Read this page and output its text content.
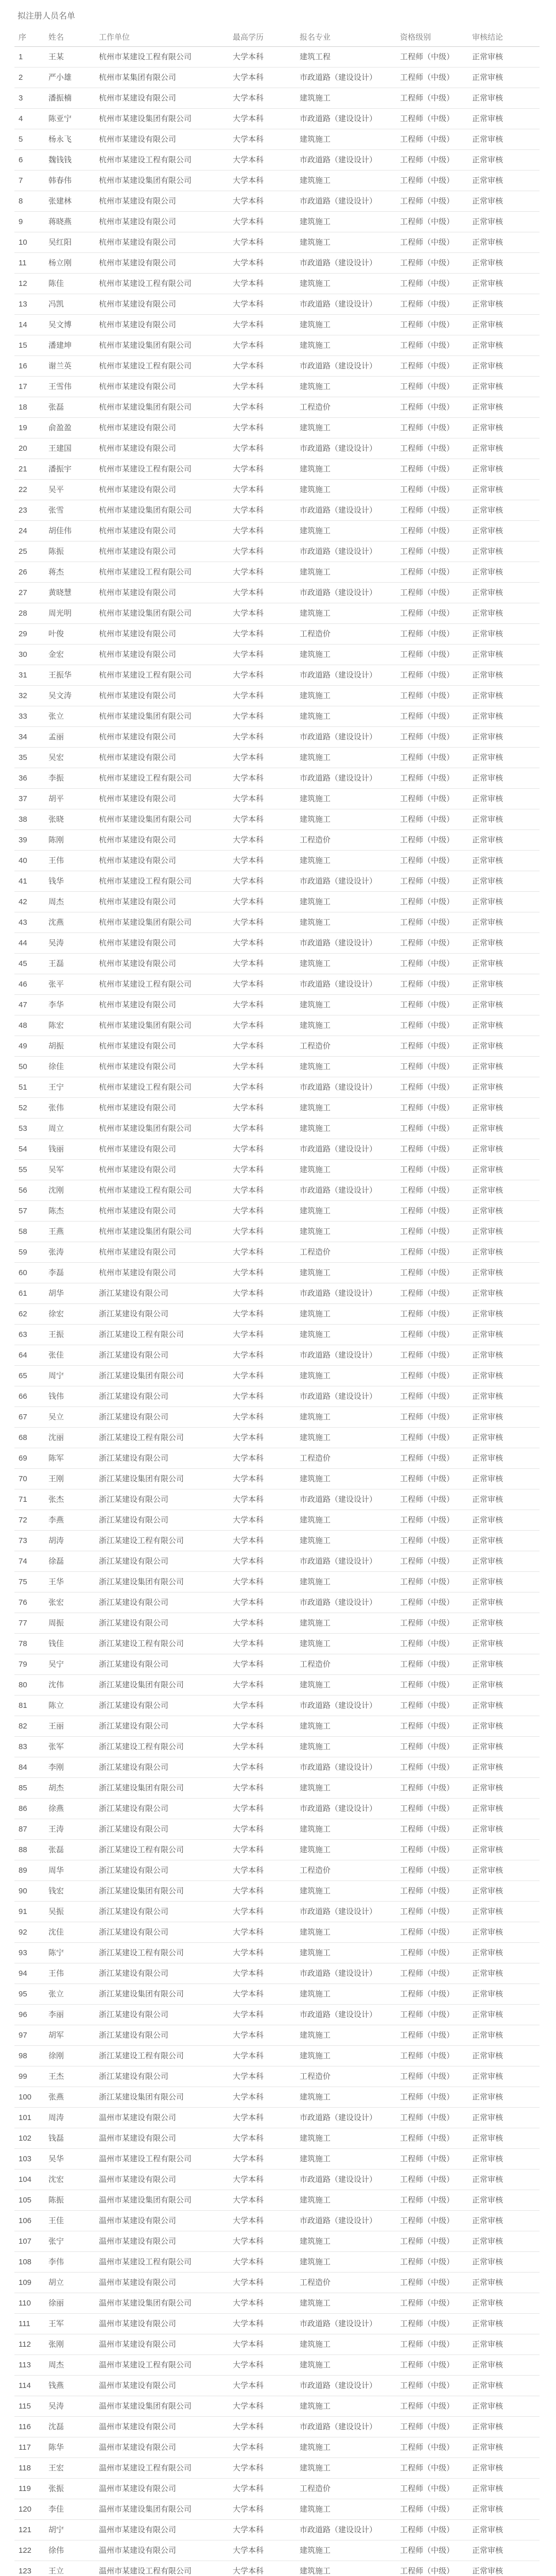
拟注册人员名单
序	姓名	工作单位	最高学历	报名专业	资格级别	审核结论
1	王某	杭州市某建设工程有限公司	大学本科	建筑工程	工程师（中级）	正常审核
2	严小雄	杭州市某集团有限公司	大学本科	市政道路（建设设计）	工程师（中级）	正常审核
3	潘振楠	杭州市某建设有限公司	大学本科	建筑施工	工程师（中级）	正常审核
4	陈亚宁	杭州市某建设集团有限公司	大学本科	市政道路（建设设计）	工程师（中级）	正常审核
5	杨永飞	杭州市某建设有限公司	大学本科	建筑施工	工程师（中级）	正常审核
6	魏钱钱	杭州市某建设工程有限公司	大学本科	市政道路（建设设计）	工程师（中级）	正常审核
7	韩春伟	杭州市某建设集团有限公司	大学本科	建筑施工	工程师（中级）	正常审核
8	张建林	杭州市某建设有限公司	大学本科	市政道路（建设设计）	工程师（中级）	正常审核
9	蒋晓燕	杭州市某建设有限公司	大学本科	建筑施工	工程师（中级）	正常审核
10	吴红阳	杭州市某建设有限公司	大学本科	建筑施工	工程师（中级）	正常审核
11	杨立刚	杭州市某建设有限公司	大学本科	市政道路（建设设计）	工程师（中级）	正常审核
12	陈佳	杭州市某建设工程有限公司	大学本科	建筑施工	工程师（中级）	正常审核
13	冯凯	杭州市某建设有限公司	大学本科	市政道路（建设设计）	工程师（中级）	正常审核
14	吴文博	杭州市某建设有限公司	大学本科	建筑施工	工程师（中级）	正常审核
15	潘建坤	杭州市某建设集团有限公司	大学本科	建筑施工	工程师（中级）	正常审核
16	谢兰英	杭州市某建设工程有限公司	大学本科	市政道路（建设设计）	工程师（中级）	正常审核
17	王雪伟	杭州市某建设有限公司	大学本科	建筑施工	工程师（中级）	正常审核
18	张磊	杭州市某建设集团有限公司	大学本科	工程造价	工程师（中级）	正常审核
19	俞盈盈	杭州市某建设有限公司	大学本科	建筑施工	工程师（中级）	正常审核
20	王建国	杭州市某建设有限公司	大学本科	市政道路（建设设计）	工程师（中级）	正常审核
21	潘振宇	杭州市某建设工程有限公司	大学本科	建筑施工	工程师（中级）	正常审核
22	吴平	杭州市某建设有限公司	大学本科	建筑施工	工程师（中级）	正常审核
23	张雪	杭州市某建设集团有限公司	大学本科	市政道路（建设设计）	工程师（中级）	正常审核
24	胡佳伟	杭州市某建设有限公司	大学本科	建筑施工	工程师（中级）	正常审核
25	陈振	杭州市某建设有限公司	大学本科	市政道路（建设设计）	工程师（中级）	正常审核
26	蒋杰	杭州市某建设工程有限公司	大学本科	建筑施工	工程师（中级）	正常审核
27	黄晓慧	杭州市某建设有限公司	大学本科	市政道路（建设设计）	工程师（中级）	正常审核
28	周光明	杭州市某建设集团有限公司	大学本科	建筑施工	工程师（中级）	正常审核
29	叶俊	杭州市某建设有限公司	大学本科	工程造价	工程师（中级）	正常审核
30	金宏	杭州市某建设有限公司	大学本科	建筑施工	工程师（中级）	正常审核
31	王振华	杭州市某建设工程有限公司	大学本科	市政道路（建设设计）	工程师（中级）	正常审核
32	吴文涛	杭州市某建设有限公司	大学本科	建筑施工	工程师（中级）	正常审核
33	张立	杭州市某建设集团有限公司	大学本科	建筑施工	工程师（中级）	正常审核
34	孟丽	杭州市某建设有限公司	大学本科	市政道路（建设设计）	工程师（中级）	正常审核
35	吴宏	杭州市某建设有限公司	大学本科	建筑施工	工程师（中级）	正常审核
36	李振	杭州市某建设工程有限公司	大学本科	市政道路（建设设计）	工程师（中级）	正常审核
37	胡平	杭州市某建设有限公司	大学本科	建筑施工	工程师（中级）	正常审核
38	张晓	杭州市某建设集团有限公司	大学本科	建筑施工	工程师（中级）	正常审核
39	陈刚	杭州市某建设有限公司	大学本科	工程造价	工程师（中级）	正常审核
40	王伟	杭州市某建设有限公司	大学本科	建筑施工	工程师（中级）	正常审核
41	钱华	杭州市某建设工程有限公司	大学本科	市政道路（建设设计）	工程师（中级）	正常审核
42	周杰	杭州市某建设有限公司	大学本科	建筑施工	工程师（中级）	正常审核
43	沈燕	杭州市某建设集团有限公司	大学本科	建筑施工	工程师（中级）	正常审核
44	吴涛	杭州市某建设有限公司	大学本科	市政道路（建设设计）	工程师（中级）	正常审核
45	王磊	杭州市某建设有限公司	大学本科	建筑施工	工程师（中级）	正常审核
46	张平	杭州市某建设工程有限公司	大学本科	市政道路（建设设计）	工程师（中级）	正常审核
47	李华	杭州市某建设有限公司	大学本科	建筑施工	工程师（中级）	正常审核
48	陈宏	杭州市某建设集团有限公司	大学本科	建筑施工	工程师（中级）	正常审核
49	胡振	杭州市某建设有限公司	大学本科	工程造价	工程师（中级）	正常审核
50	徐佳	杭州市某建设有限公司	大学本科	建筑施工	工程师（中级）	正常审核
51	王宁	杭州市某建设工程有限公司	大学本科	市政道路（建设设计）	工程师（中级）	正常审核
52	张伟	杭州市某建设有限公司	大学本科	建筑施工	工程师（中级）	正常审核
53	周立	杭州市某建设集团有限公司	大学本科	建筑施工	工程师（中级）	正常审核
54	钱丽	杭州市某建设有限公司	大学本科	市政道路（建设设计）	工程师（中级）	正常审核
55	吴军	杭州市某建设有限公司	大学本科	建筑施工	工程师（中级）	正常审核
56	沈刚	杭州市某建设工程有限公司	大学本科	市政道路（建设设计）	工程师（中级）	正常审核
57	陈杰	杭州市某建设有限公司	大学本科	建筑施工	工程师（中级）	正常审核
58	王燕	杭州市某建设集团有限公司	大学本科	建筑施工	工程师（中级）	正常审核
59	张涛	杭州市某建设有限公司	大学本科	工程造价	工程师（中级）	正常审核
60	李磊	杭州市某建设有限公司	大学本科	建筑施工	工程师（中级）	正常审核
61	胡华	浙江某建设有限公司	大学本科	市政道路（建设设计）	工程师（中级）	正常审核
62	徐宏	浙江某建设有限公司	大学本科	建筑施工	工程师（中级）	正常审核
63	王振	浙江某建设工程有限公司	大学本科	建筑施工	工程师（中级）	正常审核
64	张佳	浙江某建设有限公司	大学本科	市政道路（建设设计）	工程师（中级）	正常审核
65	周宁	浙江某建设集团有限公司	大学本科	建筑施工	工程师（中级）	正常审核
66	钱伟	浙江某建设有限公司	大学本科	市政道路（建设设计）	工程师（中级）	正常审核
67	吴立	浙江某建设有限公司	大学本科	建筑施工	工程师（中级）	正常审核
68	沈丽	浙江某建设工程有限公司	大学本科	建筑施工	工程师（中级）	正常审核
69	陈军	浙江某建设有限公司	大学本科	工程造价	工程师（中级）	正常审核
70	王刚	浙江某建设集团有限公司	大学本科	建筑施工	工程师（中级）	正常审核
71	张杰	浙江某建设有限公司	大学本科	市政道路（建设设计）	工程师（中级）	正常审核
72	李燕	浙江某建设有限公司	大学本科	建筑施工	工程师（中级）	正常审核
73	胡涛	浙江某建设工程有限公司	大学本科	建筑施工	工程师（中级）	正常审核
74	徐磊	浙江某建设有限公司	大学本科	市政道路（建设设计）	工程师（中级）	正常审核
75	王华	浙江某建设集团有限公司	大学本科	建筑施工	工程师（中级）	正常审核
76	张宏	浙江某建设有限公司	大学本科	市政道路（建设设计）	工程师（中级）	正常审核
77	周振	浙江某建设有限公司	大学本科	建筑施工	工程师（中级）	正常审核
78	钱佳	浙江某建设工程有限公司	大学本科	建筑施工	工程师（中级）	正常审核
79	吴宁	浙江某建设有限公司	大学本科	工程造价	工程师（中级）	正常审核
80	沈伟	浙江某建设集团有限公司	大学本科	建筑施工	工程师（中级）	正常审核
81	陈立	浙江某建设有限公司	大学本科	市政道路（建设设计）	工程师（中级）	正常审核
82	王丽	浙江某建设有限公司	大学本科	建筑施工	工程师（中级）	正常审核
83	张军	浙江某建设工程有限公司	大学本科	建筑施工	工程师（中级）	正常审核
84	李刚	浙江某建设有限公司	大学本科	市政道路（建设设计）	工程师（中级）	正常审核
85	胡杰	浙江某建设集团有限公司	大学本科	建筑施工	工程师（中级）	正常审核
86	徐燕	浙江某建设有限公司	大学本科	市政道路（建设设计）	工程师（中级）	正常审核
87	王涛	浙江某建设有限公司	大学本科	建筑施工	工程师（中级）	正常审核
88	张磊	浙江某建设工程有限公司	大学本科	建筑施工	工程师（中级）	正常审核
89	周华	浙江某建设有限公司	大学本科	工程造价	工程师（中级）	正常审核
90	钱宏	浙江某建设集团有限公司	大学本科	建筑施工	工程师（中级）	正常审核
91	吴振	浙江某建设有限公司	大学本科	市政道路（建设设计）	工程师（中级）	正常审核
92	沈佳	浙江某建设有限公司	大学本科	建筑施工	工程师（中级）	正常审核
93	陈宁	浙江某建设工程有限公司	大学本科	建筑施工	工程师（中级）	正常审核
94	王伟	浙江某建设有限公司	大学本科	市政道路（建设设计）	工程师（中级）	正常审核
95	张立	浙江某建设集团有限公司	大学本科	建筑施工	工程师（中级）	正常审核
96	李丽	浙江某建设有限公司	大学本科	市政道路（建设设计）	工程师（中级）	正常审核
97	胡军	浙江某建设有限公司	大学本科	建筑施工	工程师（中级）	正常审核
98	徐刚	浙江某建设工程有限公司	大学本科	建筑施工	工程师（中级）	正常审核
99	王杰	浙江某建设有限公司	大学本科	工程造价	工程师（中级）	正常审核
100	张燕	浙江某建设集团有限公司	大学本科	建筑施工	工程师（中级）	正常审核
101	周涛	温州市某建设有限公司	大学本科	市政道路（建设设计）	工程师（中级）	正常审核
102	钱磊	温州市某建设有限公司	大学本科	建筑施工	工程师（中级）	正常审核
103	吴华	温州市某建设工程有限公司	大学本科	建筑施工	工程师（中级）	正常审核
104	沈宏	温州市某建设有限公司	大学本科	市政道路（建设设计）	工程师（中级）	正常审核
105	陈振	温州市某建设集团有限公司	大学本科	建筑施工	工程师（中级）	正常审核
106	王佳	温州市某建设有限公司	大学本科	市政道路（建设设计）	工程师（中级）	正常审核
107	张宁	温州市某建设有限公司	大学本科	建筑施工	工程师（中级）	正常审核
108	李伟	温州市某建设工程有限公司	大学本科	建筑施工	工程师（中级）	正常审核
109	胡立	温州市某建设有限公司	大学本科	工程造价	工程师（中级）	正常审核
110	徐丽	温州市某建设集团有限公司	大学本科	建筑施工	工程师（中级）	正常审核
111	王军	温州市某建设有限公司	大学本科	市政道路（建设设计）	工程师（中级）	正常审核
112	张刚	温州市某建设有限公司	大学本科	建筑施工	工程师（中级）	正常审核
113	周杰	温州市某建设工程有限公司	大学本科	建筑施工	工程师（中级）	正常审核
114	钱燕	温州市某建设有限公司	大学本科	市政道路（建设设计）	工程师（中级）	正常审核
115	吴涛	温州市某建设集团有限公司	大学本科	建筑施工	工程师（中级）	正常审核
116	沈磊	温州市某建设有限公司	大学本科	市政道路（建设设计）	工程师（中级）	正常审核
117	陈华	温州市某建设有限公司	大学本科	建筑施工	工程师（中级）	正常审核
118	王宏	温州市某建设工程有限公司	大学本科	建筑施工	工程师（中级）	正常审核
119	张振	温州市某建设有限公司	大学本科	工程造价	工程师（中级）	正常审核
120	李佳	温州市某建设集团有限公司	大学本科	建筑施工	工程师（中级）	正常审核
121	胡宁	温州市某建设有限公司	大学本科	市政道路（建设设计）	工程师（中级）	正常审核
122	徐伟	温州市某建设有限公司	大学本科	建筑施工	工程师（中级）	正常审核
123	王立	温州市某建设工程有限公司	大学本科	建筑施工	工程师（中级）	正常审核
